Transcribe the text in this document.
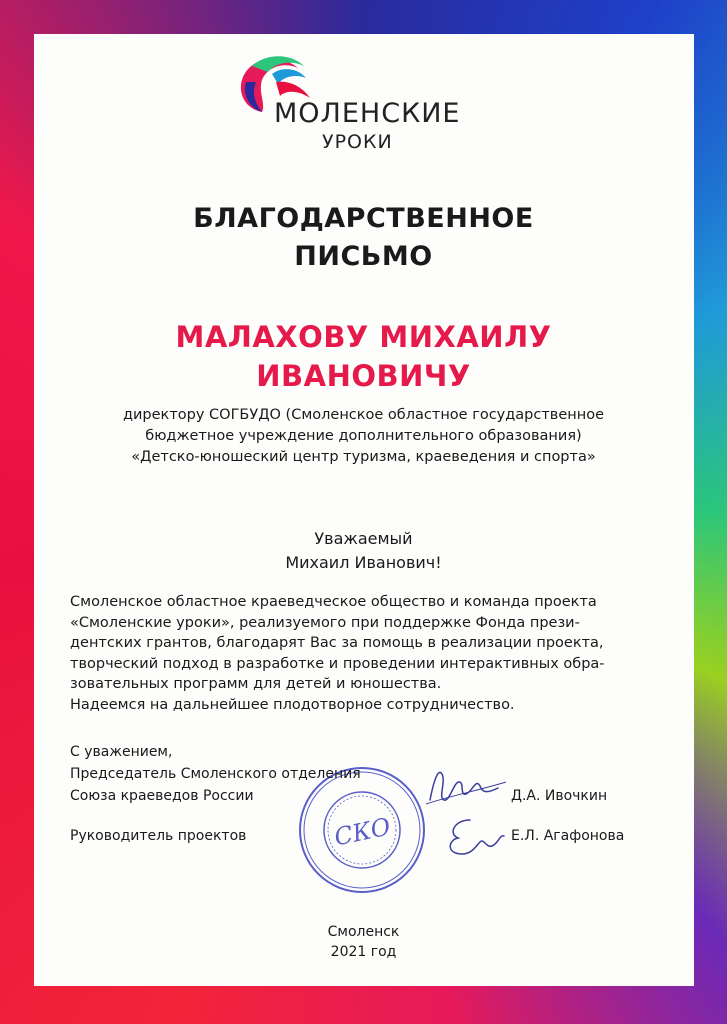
МОЛЕНСКИЕ
УРОКИ
БЛАГОДАРСТВЕННОЕ
ПИСЬМО
МАЛАХОВУ МИХАИЛУ
ИВАНОВИЧУ
директору СОГБУДО (Смоленское областное государственное
бюджетное учреждение дополнительного образования)
«Детско-юношеский центр туризма, краеведения и спорта»
Уважаемый
Михаил Иванович!
Смоленское областное краеведческое общество и команда проекта
«Смоленские уроки», реализуемого при поддержке Фонда прези-
дентских грантов, благодарят Вас за помощь в реализации проекта,
творческий подход в разработке и проведении интерактивных обра-
зовательных программ для детей и юношества.
Надеемся на дальнейшее плодотворное сотрудничество.
СКО
С уважением,
Председатель Смоленского отделения
Союза краеведов России	Д.А. Ивочкин
Руководитель проектов	Е.Л. Агафонова
Смоленск
2021 год
